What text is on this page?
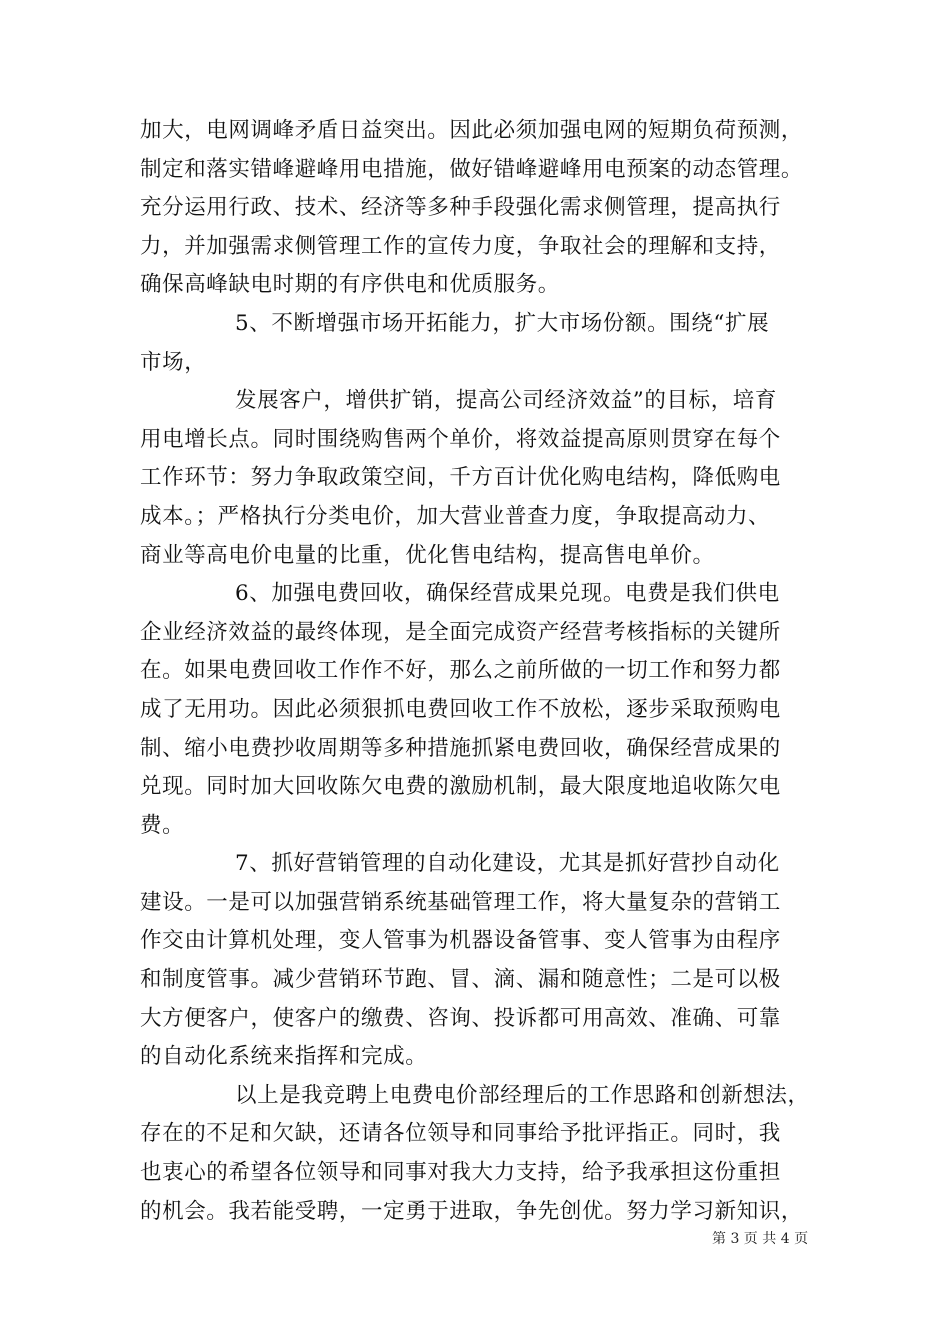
加大，电网调峰矛盾日益突出。因此必须加强电网的短期负荷预测，
制定和落实错峰避峰用电措施，做好错峰避峰用电预案的动态管理。
充分运用行政、技术、经济等多种手段强化需求侧管理，提高执行
力，并加强需求侧管理工作的宣传力度，争取社会的理解和支持，
确保高峰缺电时期的有序供电和优质服务。
5、不断增强市场开拓能力，扩大市场份额。围绕“扩展
市场，
发展客户，增供扩销，提高公司经济效益”的目标，培育
用电增长点。同时围绕购售两个单价，将效益提高原则贯穿在每个
工作环节：努力争取政策空间，千方百计优化购电结构，降低购电
成本。；严格执行分类电价，加大营业普查力度，争取提高动力、
商业等高电价电量的比重，优化售电结构，提高售电单价。
6、加强电费回收，确保经营成果兑现。电费是我们供电
企业经济效益的最终体现，是全面完成资产经营考核指标的关键所
在。如果电费回收工作作不好，那么之前所做的一切工作和努力都
成了无用功。因此必须狠抓电费回收工作不放松，逐步采取预购电
制、缩小电费抄收周期等多种措施抓紧电费回收，确保经营成果的
兑现。同时加大回收陈欠电费的激励机制，最大限度地追收陈欠电
费。
7、抓好营销管理的自动化建设，尤其是抓好营抄自动化
建设。一是可以加强营销系统基础管理工作，将大量复杂的营销工
作交由计算机处理，变人管事为机器设备管事、变人管事为由程序
和制度管事。减少营销环节跑、冒、滴、漏和随意性；二是可以极
大方便客户，使客户的缴费、咨询、投诉都可用高效、准确、可靠
的自动化系统来指挥和完成。
以上是我竞聘上电费电价部经理后的工作思路和创新想法，
存在的不足和欠缺，还请各位领导和同事给予批评指正。同时，我
也衷心的希望各位领导和同事对我大力支持，给予我承担这份重担
的机会。我若能受聘，一定勇于进取，争先创优。努力学习新知识，
第 3 页 共 4 页
